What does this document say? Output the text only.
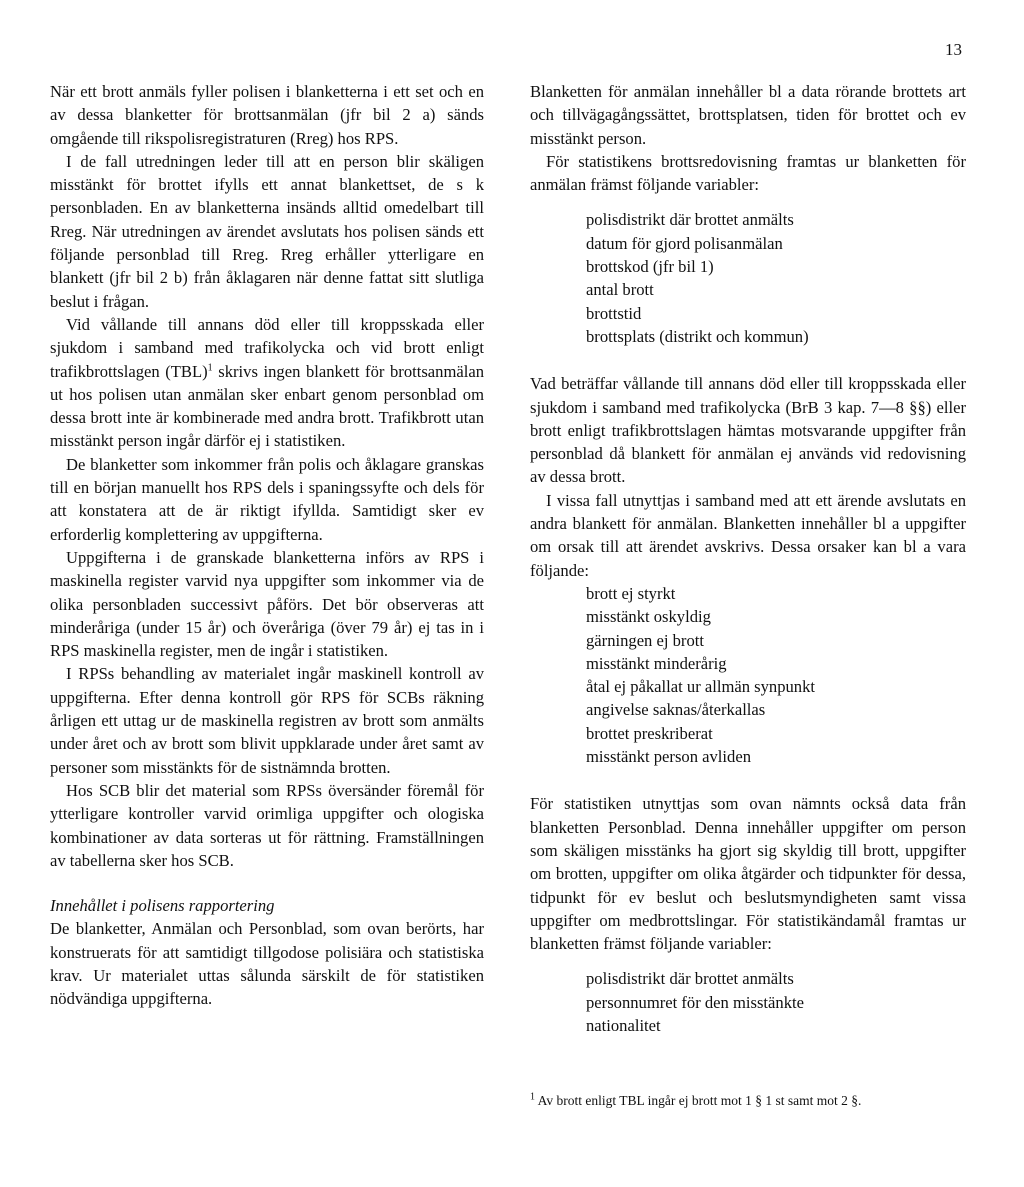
13

När ett brott anmäls fyller polisen i blanketterna i ett set och en av dessa blanketter för brottsanmälan (jfr bil 2 a) sänds omgående till rikspolisregistraturen (Rreg) hos RPS.

I de fall utredningen leder till att en person blir skäligen misstänkt för brottet ifylls ett annat blankettset, de s k personbladen. En av blanketterna insänds alltid omedelbart till Rreg. När utredningen av ärendet avslutats hos polisen sänds ett följande personblad till Rreg. Rreg erhåller ytterligare en blankett (jfr bil 2 b) från åklagaren när denne fattat sitt slutliga beslut i frågan.

Vid vållande till annans död eller till kroppsskada eller sjukdom i samband med trafikolycka och vid brott enligt trafikbrottslagen (TBL)$^1$ skrivs ingen blankett för brottsanmälan ut hos polisen utan anmälan sker enbart genom personblad om dessa brott inte är kombinerade med andra brott. Trafikbrott utan misstänkt person ingår därför ej i statistiken.

De blanketter som inkommer från polis och åklagare granskas till en början manuellt hos RPS dels i spaningssyfte och dels för att konstatera att de är riktigt ifyllda. Samtidigt sker ev erforderlig komplettering av uppgifterna.

Uppgifterna i de granskade blanketterna införs av RPS i maskinella register varvid nya uppgifter som inkommer via de olika personbladen successivt påförs. Det bör observeras att minderåriga (under 15 år) och överåriga (över 79 år) ej tas in i RPS maskinella register, men de ingår i statistiken.

I RPSs behandling av materialet ingår maskinell kontroll av uppgifterna. Efter denna kontroll gör RPS för SCBs räkning årligen ett uttag ur de maskinella registren av brott som anmälts under året och av brott som blivit uppklarade under året samt av personer som misstänkts för de sistnämnda brotten.

Hos SCB blir det material som RPSs översänder föremål för ytterligare kontroller varvid orimliga uppgifter och ologiska kombinationer av data sorteras ut för rättning. Framställningen av tabellerna sker hos SCB.

Innehållet i polisens rapportering

De blanketter, Anmälan och Personblad, som ovan berörts, har konstruerats för att samtidigt tillgodose polisiära och statistiska krav. Ur materialet uttas sålunda särskilt de för statistiken nödvändiga uppgifterna.

Blanketten för anmälan innehåller bl a data rörande brottets art och tillvägagångssättet, brottsplatsen, tiden för brottet och ev misstänkt person.

För statistikens brottsredovisning framtas ur blanketten för anmälan främst följande variabler:

polisdistrikt där brottet anmälts
datum för gjord polisanmälan
brottskod (jfr bil 1)
antal brott
brottstid
brottsplats (distrikt och kommun)

Vad beträffar vållande till annans död eller till kroppsskada eller sjukdom i samband med trafikolycka (BrB 3 kap. 7—8 §§) eller brott enligt trafikbrottslagen hämtas motsvarande uppgifter från personblad då blankett för anmälan ej används vid redovisning av dessa brott.

I vissa fall utnyttjas i samband med att ett ärende avslutats en andra blankett för anmälan. Blanketten innehåller bl a uppgifter om orsak till att ärendet avskrivs. Dessa orsaker kan bl a vara följande:

brott ej styrkt
misstänkt oskyldig
gärningen ej brott
misstänkt minderårig
åtal ej påkallat ur allmän synpunkt
angivelse saknas/återkallas
brottet preskriberat
misstänkt person avliden

För statistiken utnyttjas som ovan nämnts också data från blanketten Personblad. Denna innehåller uppgifter om person som skäligen misstänks ha gjort sig skyldig till brott, uppgifter om brotten, uppgifter om olika åtgärder och tidpunkter för dessa, tidpunkt för ev beslut och beslutsmyndigheten samt vissa uppgifter om medbrottslingar. För statistikändamål framtas ur blanketten främst följande variabler:

polisdistrikt där brottet anmälts
personnumret för den misstänkte
nationalitet
$^1$ Av brott enligt TBL ingår ej brott mot 1 § 1 st samt mot 2 §.
